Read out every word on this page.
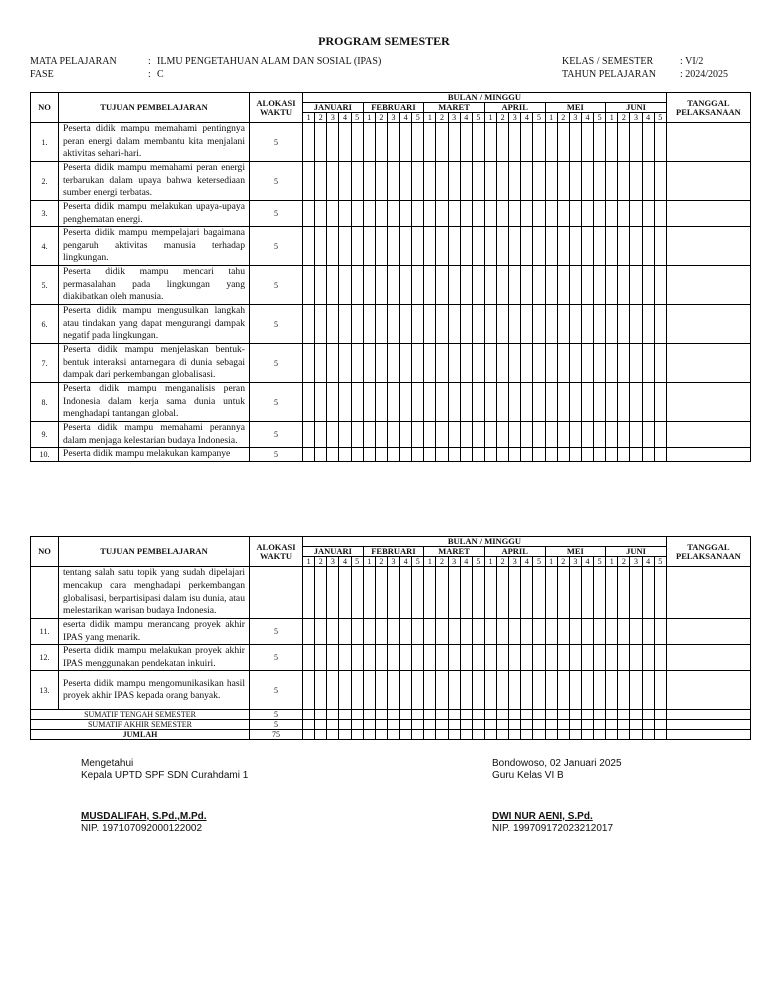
PROGRAM SEMESTER
MATA PELAJARAN	: ILMU PENGETAHUAN ALAM DAN SOSIAL (IPAS)
FASE	: C
KELAS / SEMESTER	: VI/2
TAHUN PELAJARAN	: 2024/2025
NO	TUJUAN PEMBELAJARAN	ALOKASI WAKTU	BULAN / MINGGU																														TANGGAL PELAKSANAAN
			JANUARI					FEBRUARI					MARET					APRIL					MEI					JUNI					
			1	2	3	4	5	1	2	3	4	5	1	2	3	4	5	1	2	3	4	5	1	2	3	4	5	1	2	3	4	5	
1.	Peserta didik mampu memahami pentingnya peran energi dalam membantu kita menjalani aktivitas sehari-hari.	5																															
2.	Peserta didik mampu memahami peran energi terbarukan dalam upaya bahwa ketersediaan sumber energi terbatas.	5																															
3.	Peserta didik mampu melakukan upaya-upaya penghematan energi.	5																															
4.	Peserta didik mampu mempelajari bagaimana pengaruh aktivitas manusia terhadap lingkungan.	5																															
5.	Peserta didik mampu mencari tahu permasalahan pada lingkungan yang diakibatkan oleh manusia.	5																															
6.	Peserta didik mampu mengusulkan langkah atau tindakan yang dapat mengurangi dampak negatif pada lingkungan.	5																															
7.	Peserta didik mampu menjelaskan bentuk-bentuk interaksi antarnegara di dunia sebagai dampak dari perkembangan globalisasi.	5																															
8.	Peserta didik mampu menganalisis peran Indonesia dalam kerja sama dunia untuk menghadapi tantangan global.	5																															
9.	Peserta didik mampu memahami perannya dalam menjaga kelestarian budaya Indonesia.	5																															
10.	Peserta didik mampu melakukan kampanye	5																															
NO	TUJUAN PEMBELAJARAN	ALOKASI WAKTU	BULAN / MINGGU																														TANGGAL PELAKSANAAN
			JANUARI					FEBRUARI					MARET					APRIL					MEI					JUNI					
			1	2	3	4	5	1	2	3	4	5	1	2	3	4	5	1	2	3	4	5	1	2	3	4	5	1	2	3	4	5	
	tentang salah satu topik yang sudah dipelajari mencakup cara menghadapi perkembangan globalisasi, berpartisipasi dalam isu dunia, atau melestarikan warisan budaya Indonesia.																																
11.	eserta didik mampu merancang proyek akhir IPAS yang menarik.	5																															
12.	Peserta didik mampu melakukan proyek akhir IPAS menggunakan pendekatan inkuiri.	5																															
13.	Peserta didik mampu mengomunikasikan hasil proyek akhir IPAS kepada orang banyak.	5																															
SUMATIF TENGAH SEMESTER		5																															
SUMATIF AKHIR SEMESTER		5																															
JUMLAH		75																															
Mengetahui
Kepala UPTD SPF SDN Curahdami 1
MUSDALIFAH, S.Pd.,M.Pd.
NIP. 197107092000122002
Bondowoso, 02 Januari 2025
Guru Kelas VI B
DWI NUR AENI, S.Pd.
NIP. 199709172023212017
